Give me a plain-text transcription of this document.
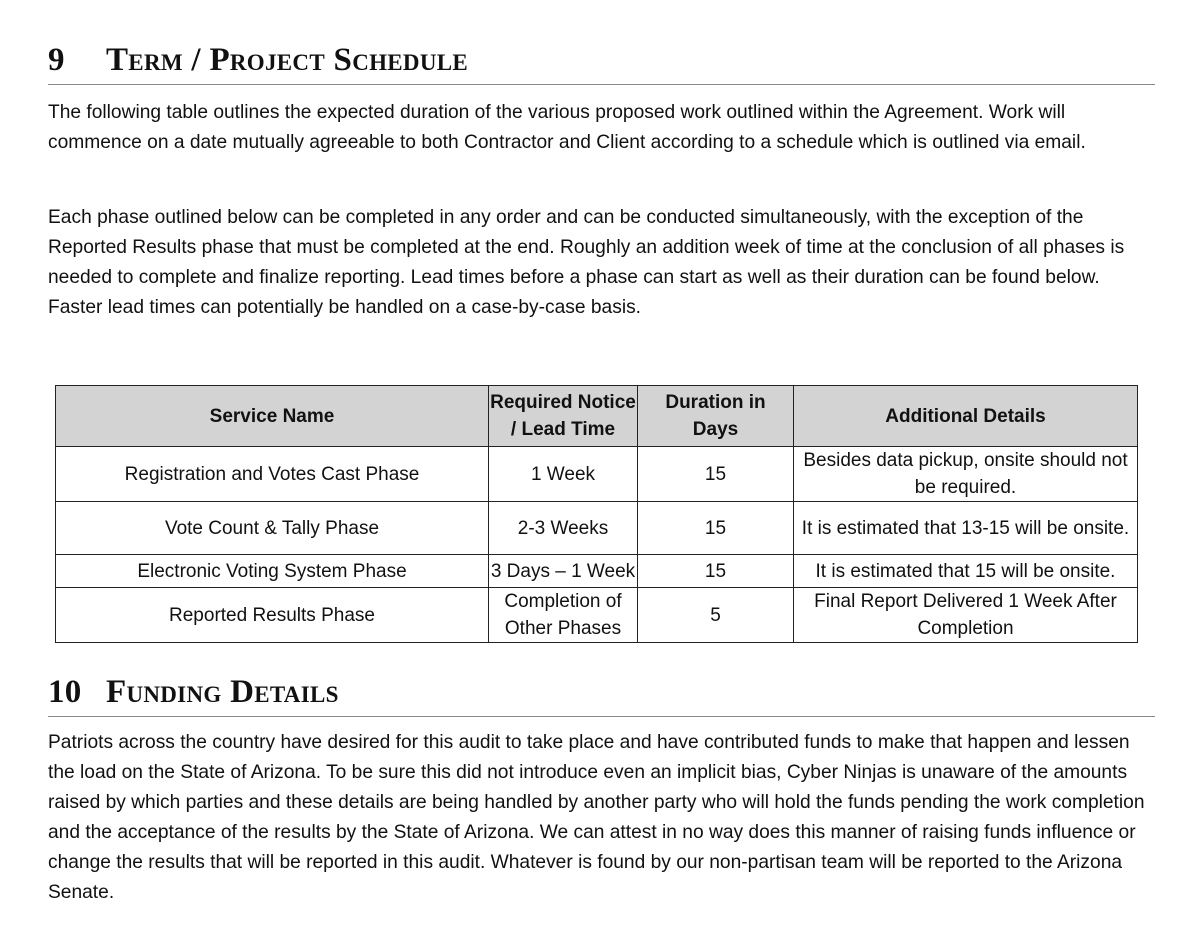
9	Term / Project Schedule

The following table outlines the expected duration of the various proposed work outlined within the Agreement. Work will commence on a date mutually agreeable to both Contractor and Client according to a schedule which is outlined via email.

Each phase outlined below can be completed in any order and can be conducted simultaneously, with the exception of the Reported Results phase that must be completed at the end. Roughly an addition week of time at the conclusion of all phases is needed to complete and finalize reporting. Lead times before a phase can start as well as their duration can be found below. Faster lead times can potentially be handled on a case-by-case basis.

10 Funding Details

Patriots across the country have desired for this audit to take place and have contributed funds to make that happen and lessen the load on the State of Arizona. To be sure this did not introduce even an implicit bias, Cyber Ninjas is unaware of the amounts raised by which parties and these details are being handled by another party who will hold the funds pending the work completion and the acceptance of the results by the State of Arizona. We can attest in no way does this manner of raising funds influence or change the results that will be reported in this audit. Whatever is found by our non-partisan team will be reported to the Arizona Senate.

Service Name	Required Notice / Lead Time	Duration in Days	Additional Details
Registration and Votes Cast Phase	1 Week	15	Besides data pickup, onsite should not be required.
Vote Count & Tally Phase	2-3 Weeks	15	It is estimated that 13-15 will be onsite.
Electronic Voting System Phase	3 Days – 1 Week	15	It is estimated that 15 will be onsite.
Reported Results Phase	Completion of Other Phases	5	Final Report Delivered 1 Week After Completion
